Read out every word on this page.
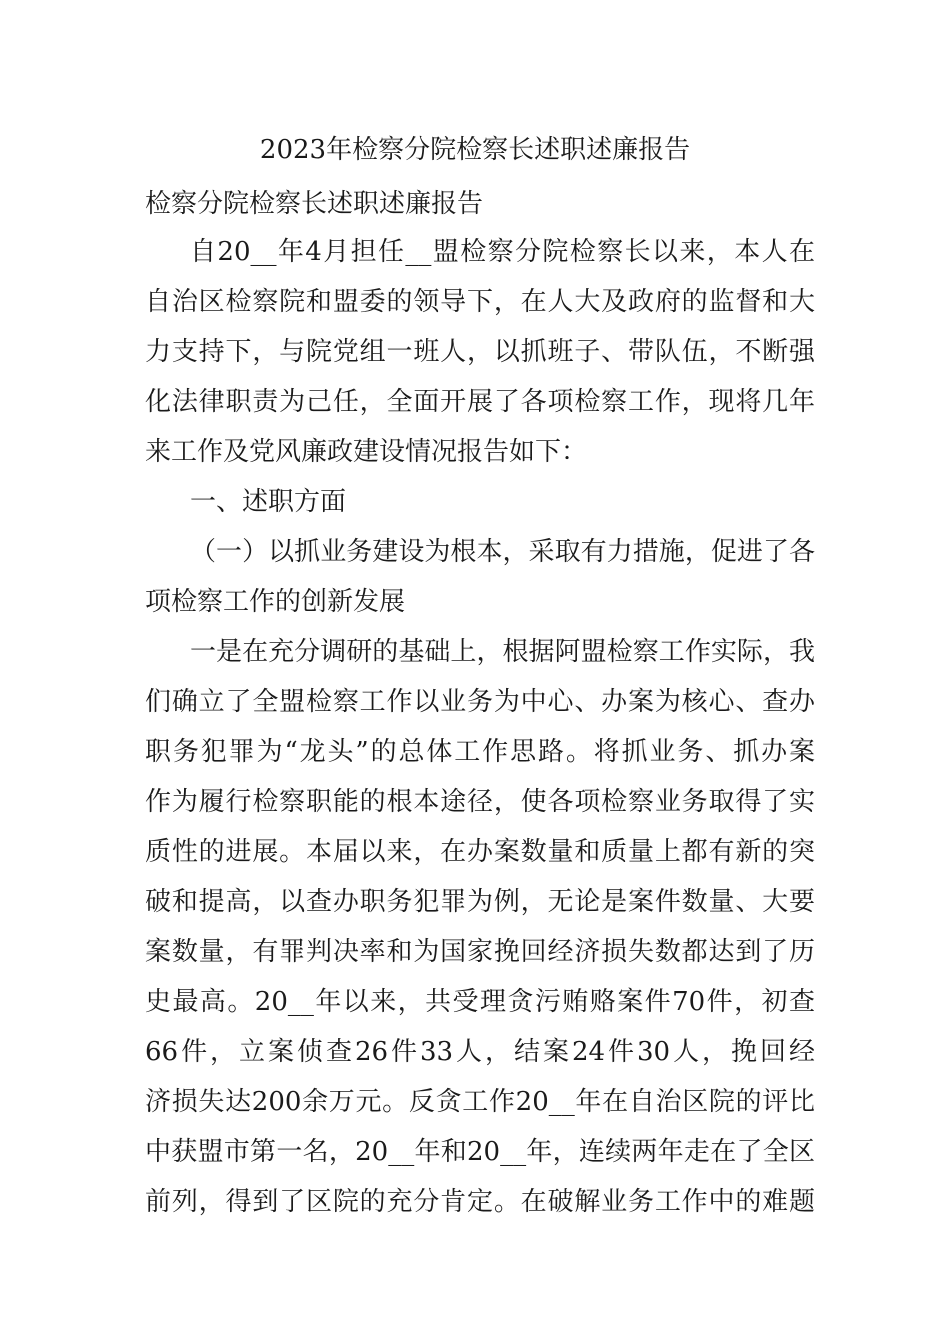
2023年检察分院检察长述职述廉报告
检察分院检察长述职述廉报告
自20__年4月担任__盟检察分院检察长以来，本人在
自治区检察院和盟委的领导下，在人大及政府的监督和大
力支持下，与院党组一班人，以抓班子、带队伍，不断强
化法律职责为己任，全面开展了各项检察工作，现将几年
来工作及党风廉政建设情况报告如下：
一、述职方面
（一）以抓业务建设为根本，采取有力措施，促进了各
项检察工作的创新发展
一是在充分调研的基础上，根据阿盟检察工作实际，我
们确立了全盟检察工作以业务为中心、办案为核心、查办
职务犯罪为“龙头”的总体工作思路。将抓业务、抓办案
作为履行检察职能的根本途径，使各项检察业务取得了实
质性的进展。本届以来，在办案数量和质量上都有新的突
破和提高，以查办职务犯罪为例，无论是案件数量、大要
案数量，有罪判决率和为国家挽回经济损失数都达到了历
史最高。20__年以来，共受理贪污贿赂案件70件，初查
66件，立案侦查26件33人，结案24件30人，挽回经
济损失达200余万元。反贪工作20__年在自治区院的评比
中获盟市第一名，20__年和20__年，连续两年走在了全区
前列，得到了区院的充分肯定。在破解业务工作中的难题
